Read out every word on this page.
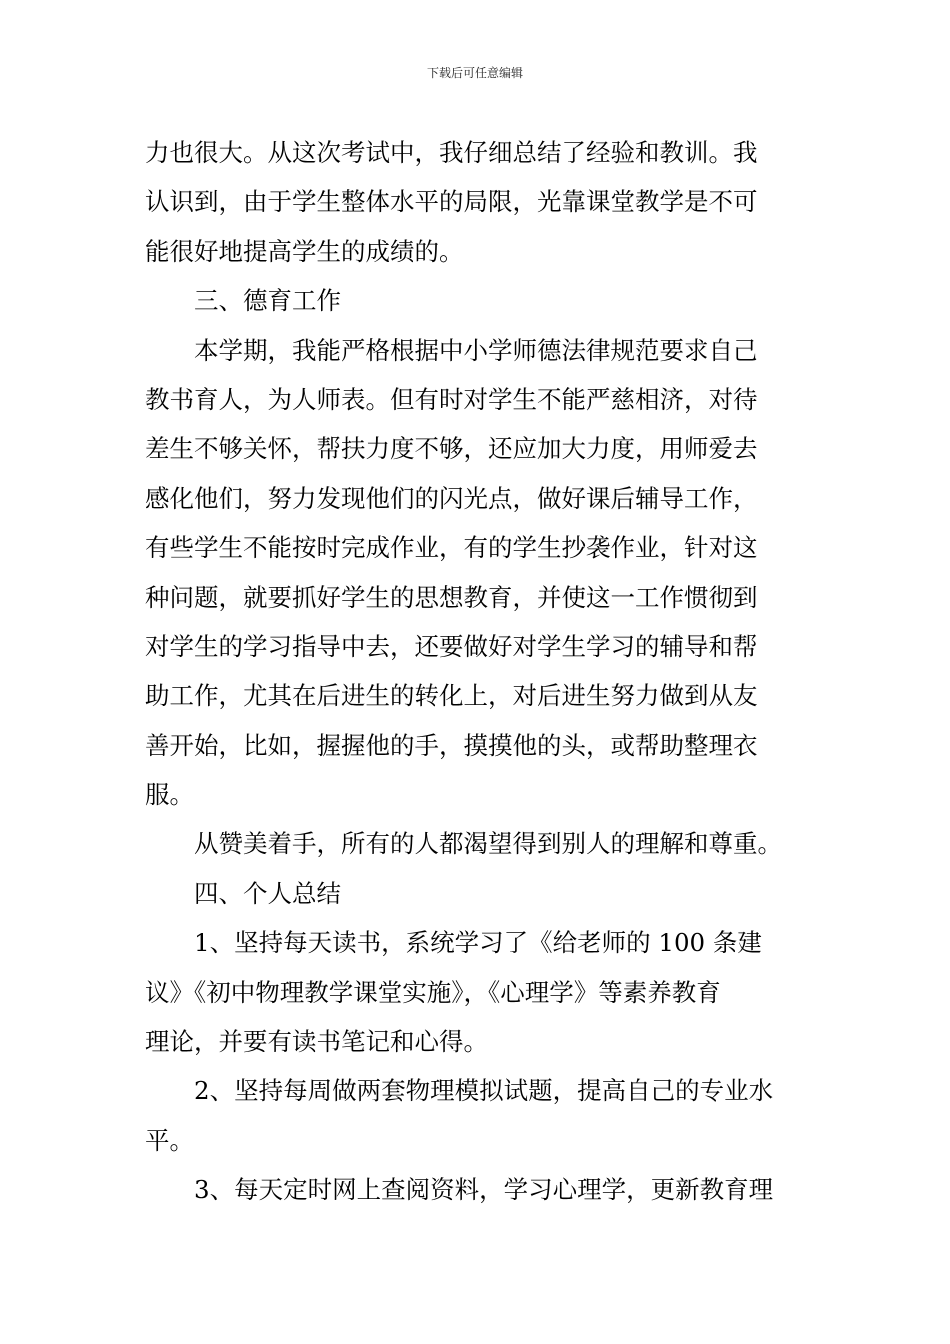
下载后可任意编辑
力也很大。从这次考试中，我仔细总结了经验和教训。我
认识到，由于学生整体水平的局限，光靠课堂教学是不可
能很好地提高学生的成绩的。
三、德育工作
本学期，我能严格根据中小学师德法律规范要求自己
教书育人，为人师表。但有时对学生不能严慈相济，对待
差生不够关怀，帮扶力度不够，还应加大力度，用师爱去
感化他们，努力发现他们的闪光点，做好课后辅导工作，
有些学生不能按时完成作业，有的学生抄袭作业，针对这
种问题，就要抓好学生的思想教育，并使这一工作惯彻到
对学生的学习指导中去，还要做好对学生学习的辅导和帮
助工作，尤其在后进生的转化上，对后进生努力做到从友
善开始，比如，握握他的手，摸摸他的头，或帮助整理衣
服。
从赞美着手，所有的人都渴望得到别人的理解和尊重。
四、个人总结
1、坚持每天读书，系统学习了《给老师的 100 条建
议》《初中物理教学课堂实施》，《心理学》等素养教育
理论，并要有读书笔记和心得。
2、坚持每周做两套物理模拟试题，提高自己的专业水
平。
3、每天定时网上查阅资料，学习心理学，更新教育理
